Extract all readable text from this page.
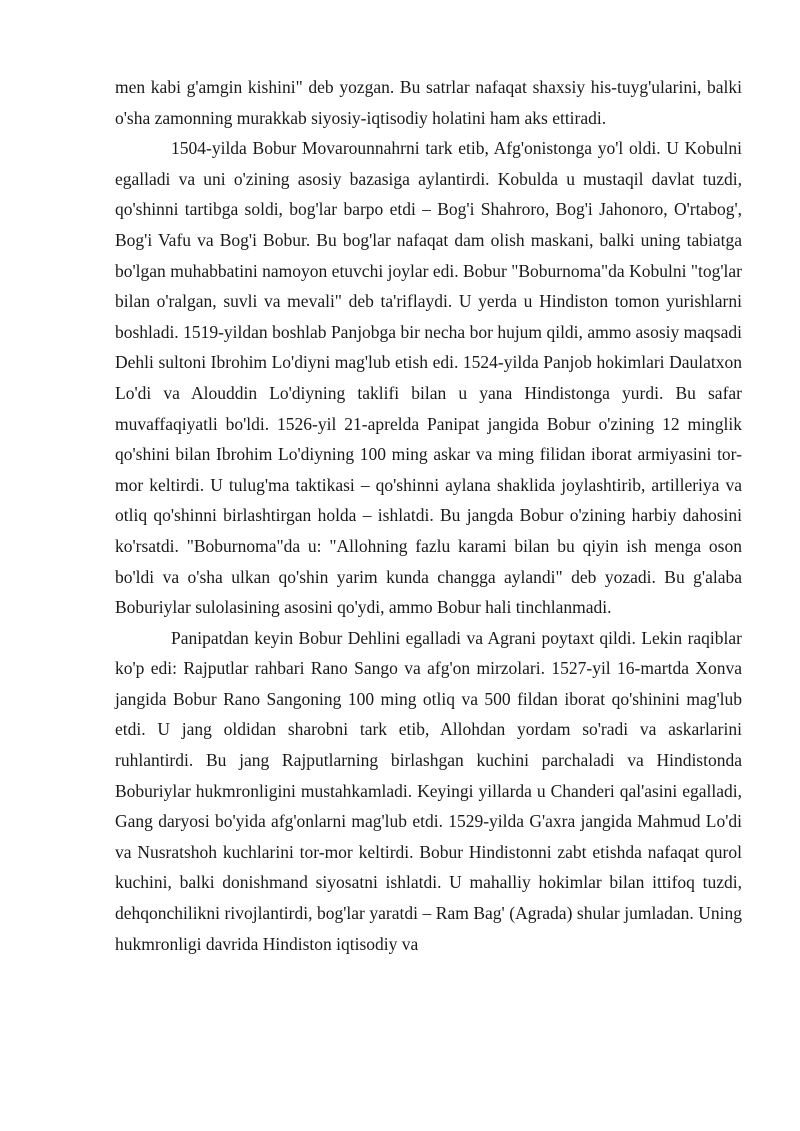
men kabi g'amgin kishini" deb yozgan. Bu satrlar nafaqat shaxsiy his-tuyg'ularini, balki o'sha zamonning murakkab siyosiy-iqtisodiy holatini ham aks ettiradi.

1504-yilda Bobur Movarounnahrni tark etib, Afg'onistonga yo'l oldi. U Kobulni egalladi va uni o'zining asosiy bazasiga aylantirdi. Kobulda u mustaqil davlat tuzdi, qo'shinni tartibga soldi, bog'lar barpo etdi – Bog'i Shahroro, Bog'i Jahonoro, O'rtabog', Bog'i Vafu va Bog'i Bobur. Bu bog'lar nafaqat dam olish maskani, balki uning tabiatga bo'lgan muhabbatini namoyon etuvchi joylar edi. Bobur "Boburnoma"da Kobulni "tog'lar bilan o'ralgan, suvli va mevali" deb ta'riflaydi. U yerda u Hindiston tomon yurishlarni boshladi. 1519-yildan boshlab Panjobga bir necha bor hujum qildi, ammo asosiy maqsadi Dehli sultoni Ibrohim Lo'diyni mag'lub etish edi. 1524-yilda Panjob hokimlari Daulatxon Lo'di va Alouddin Lo'diyning taklifi bilan u yana Hindistonga yurdi. Bu safar muvaffaqiyatli bo'ldi. 1526-yil 21-aprelda Panipat jangida Bobur o'zining 12 minglik qo'shini bilan Ibrohim Lo'diyning 100 ming askar va ming filidan iborat armiyasini tor-mor keltirdi. U tulug'ma taktikasi – qo'shinni aylana shaklida joylashtirib, artilleriya va otliq qo'shinni birlashtirgan holda – ishlatdi. Bu jangda Bobur o'zining harbiy dahosini ko'rsatdi. "Boburnoma"da u: "Allohning fazlu karami bilan bu qiyin ish menga oson bo'ldi va o'sha ulkan qo'shin yarim kunda changga aylandi" deb yozadi. Bu g'alaba Boburiylar sulolasining asosini qo'ydi, ammo Bobur hali tinchlanmadi.

Panipatdan keyin Bobur Dehlini egalladi va Agrani poytaxt qildi. Lekin raqiblar ko'p edi: Rajputlar rahbari Rano Sango va afg'on mirzolari. 1527-yil 16-martda Xonva jangida Bobur Rano Sangoning 100 ming otliq va 500 fildan iborat qo'shinini mag'lub etdi. U jang oldidan sharobni tark etib, Allohdan yordam so'radi va askarlarini ruhlantirdi. Bu jang Rajputlarning birlashgan kuchini parchaladi va Hindistonda Boburiylar hukmronligini mustahkamladi. Keyingi yillarda u Chanderi qal'asini egalladi, Gang daryosi bo'yida afg'onlarni mag'lub etdi. 1529-yilda G'axra jangida Mahmud Lo'di va Nusratshoh kuchlarini tor-mor keltirdi. Bobur Hindistonni zabt etishda nafaqat qurol kuchini, balki donishmand siyosatni ishlatdi. U mahalliy hokimlar bilan ittifoq tuzdi, dehqonchilikni rivojlantirdi, bog'lar yaratdi – Ram Bag' (Agrada) shular jumladan. Uning hukmronligi davrida Hindiston iqtisodiy va
